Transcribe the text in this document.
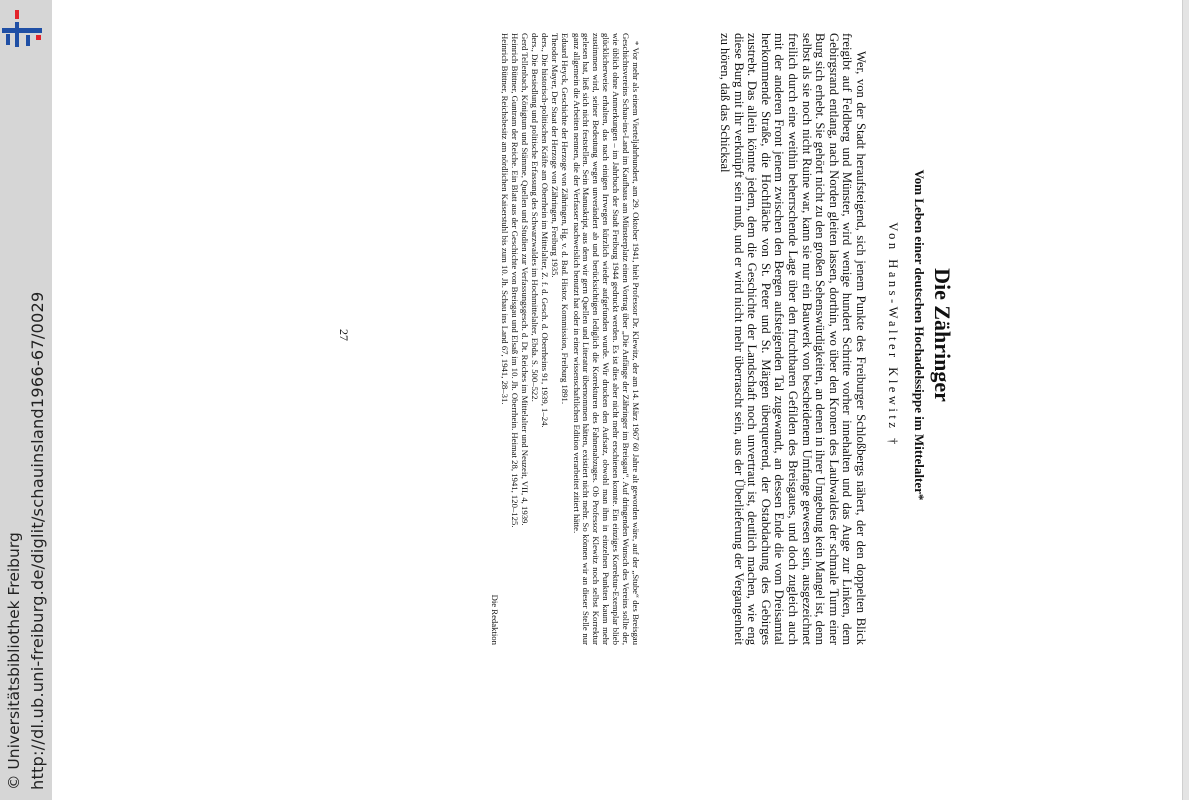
http://dl.ub.uni-freiburg.de/diglit/schauinsland1966-67/0029
© Universitätsbibliothek Freiburg
Die Zähringer
Vom Leben einer deutschen Hochadelssippe im Mittelalter*
Von Hans-Walter Klewitz †

Wer, von der Stadt heraufsteigend, sich jenem Punkte des Freiburger Schloßbergs nähert, der den doppelten Blick freigibt auf Feldberg und Münster, wird wenige hundert Schritte vorher innehalten und das Auge zur Linken, dem Gebirgsrand entlang, nach Norden gleiten lassen, dorthin, wo über den Kronen des Laubwaldes der schmale Turm einer Burg sich erhebt. Sie gehört nicht zu den großen Sehenswürdigkeiten, an denen in ihrer Umgebung kein Mangel ist, denn selbst als sie noch nicht Ruine war, kann sie nur ein Bauwerk von bescheidenem Umfange gewesen sein, ausgezeichnet freilich durch eine weithin beherrschende Lage über den fruchtbaren Gefilden des Breisgaues, und doch zugleich auch mit der anderen Front jenem zwischen den Bergen aufsteigenden Tal zugewandt, an dessen Ende die vom Dreisamtal herkommende Straße, die Hochfläche von St. Peter und St. Märgen überquerend, der Ostabdachung des Gebirges zustrebt. Das allein könnte jedem, dem die Geschichte der Landschaft noch unvertraut ist, deutlich machen, wie eng diese Burg mit ihr verknüpft sein muß, und er wird nicht mehr überrascht sein, aus der Überlieferung der Vergangenheit zu hören, daß das Schicksal

* Vor mehr als einem Vierteljahrhundert, am 29. Oktober 1941, hielt Professor Dr. Klewitz, der am 14. März 1967 60 Jahre alt geworden wäre, auf der „Stube“ des Breisgau Geschichtsvereins Schau-ins-Land im Kaufhaus am Münsterplatz einen Vortrag über „Die Anfänge der Zähringer im Breisgau“. Auf dringenden Wunsch des Vereins sollte der, wie üblich ohne Anmerkungen – im Jahrbuch der Stadt Freiburg 1944 gedruckt werden. Es ist dies aber nicht mehr erschienen konnte. Ein einziges Korrektur-Exemplar blieb glücklicherweise erhalten, das nach einigen Irrwegen kürzlich wieder aufgefunden wurde. Wir drucken den Aufsatz, obwohl man ihm in einzelnen Punkten kaum mehr zustimmen wird, seiner Bedeutung wegen unverändert ab und berücksichtigen lediglich die Korrekturen des Fahnenabzuges. Ob Professor Klewitz noch selbst Korrektur gelesen hat, ließ sich nicht feststellen. Sein Manuskript, aus dem wir gern Quellen und Literatur übernommen hätten, existiert nicht mehr. So können wir an dieser Stelle nur ganz allgemein die Arbeiten nennen, die der Verfasser nachweislich benutzt hat oder in einer wissenschaftlichen Edition verarbeitet zitiert hätte.

Eduard Heyck, Geschichte der Herzoge von Zähringen, Hg. v. d. Bad. Histor. Kommission, Freiburg 1891.

Theodor Mayer, Der Staat der Herzoge von Zähringen, Freiburg 1935.

ders., Die historisch-politischen Kräfte am Oberrhein im Mittelalter, Z. f. d. Gesch. d. Oberrheins 91, 1939, 1–24.

ders., Die Besiedlung und politische Erfassung des Schwarzwaldes im Hochmittelalter, Ebda. S. 500–522.

Gerd Tellenbach, Königtum und Stämme, Quellen und Studien zur Verfassungsgesch. d. Dt. Reiches im Mittelalter und Neuzeit, VII, 4, 1939.

Heinrich Büttner, Guntram der Reiche. Ein Blatt aus der Geschichte von Breisgau und Elsaß im 10. Jh. Oberrhein. Heimat 28, 1941, 120–125.

Heinrich Büttner, Reichsbesitz am nördlichen Kaiserstuhl bis zum 10. Jh. Schau ins Land 67, 1941, 28–31.

Die Redaktion

27
